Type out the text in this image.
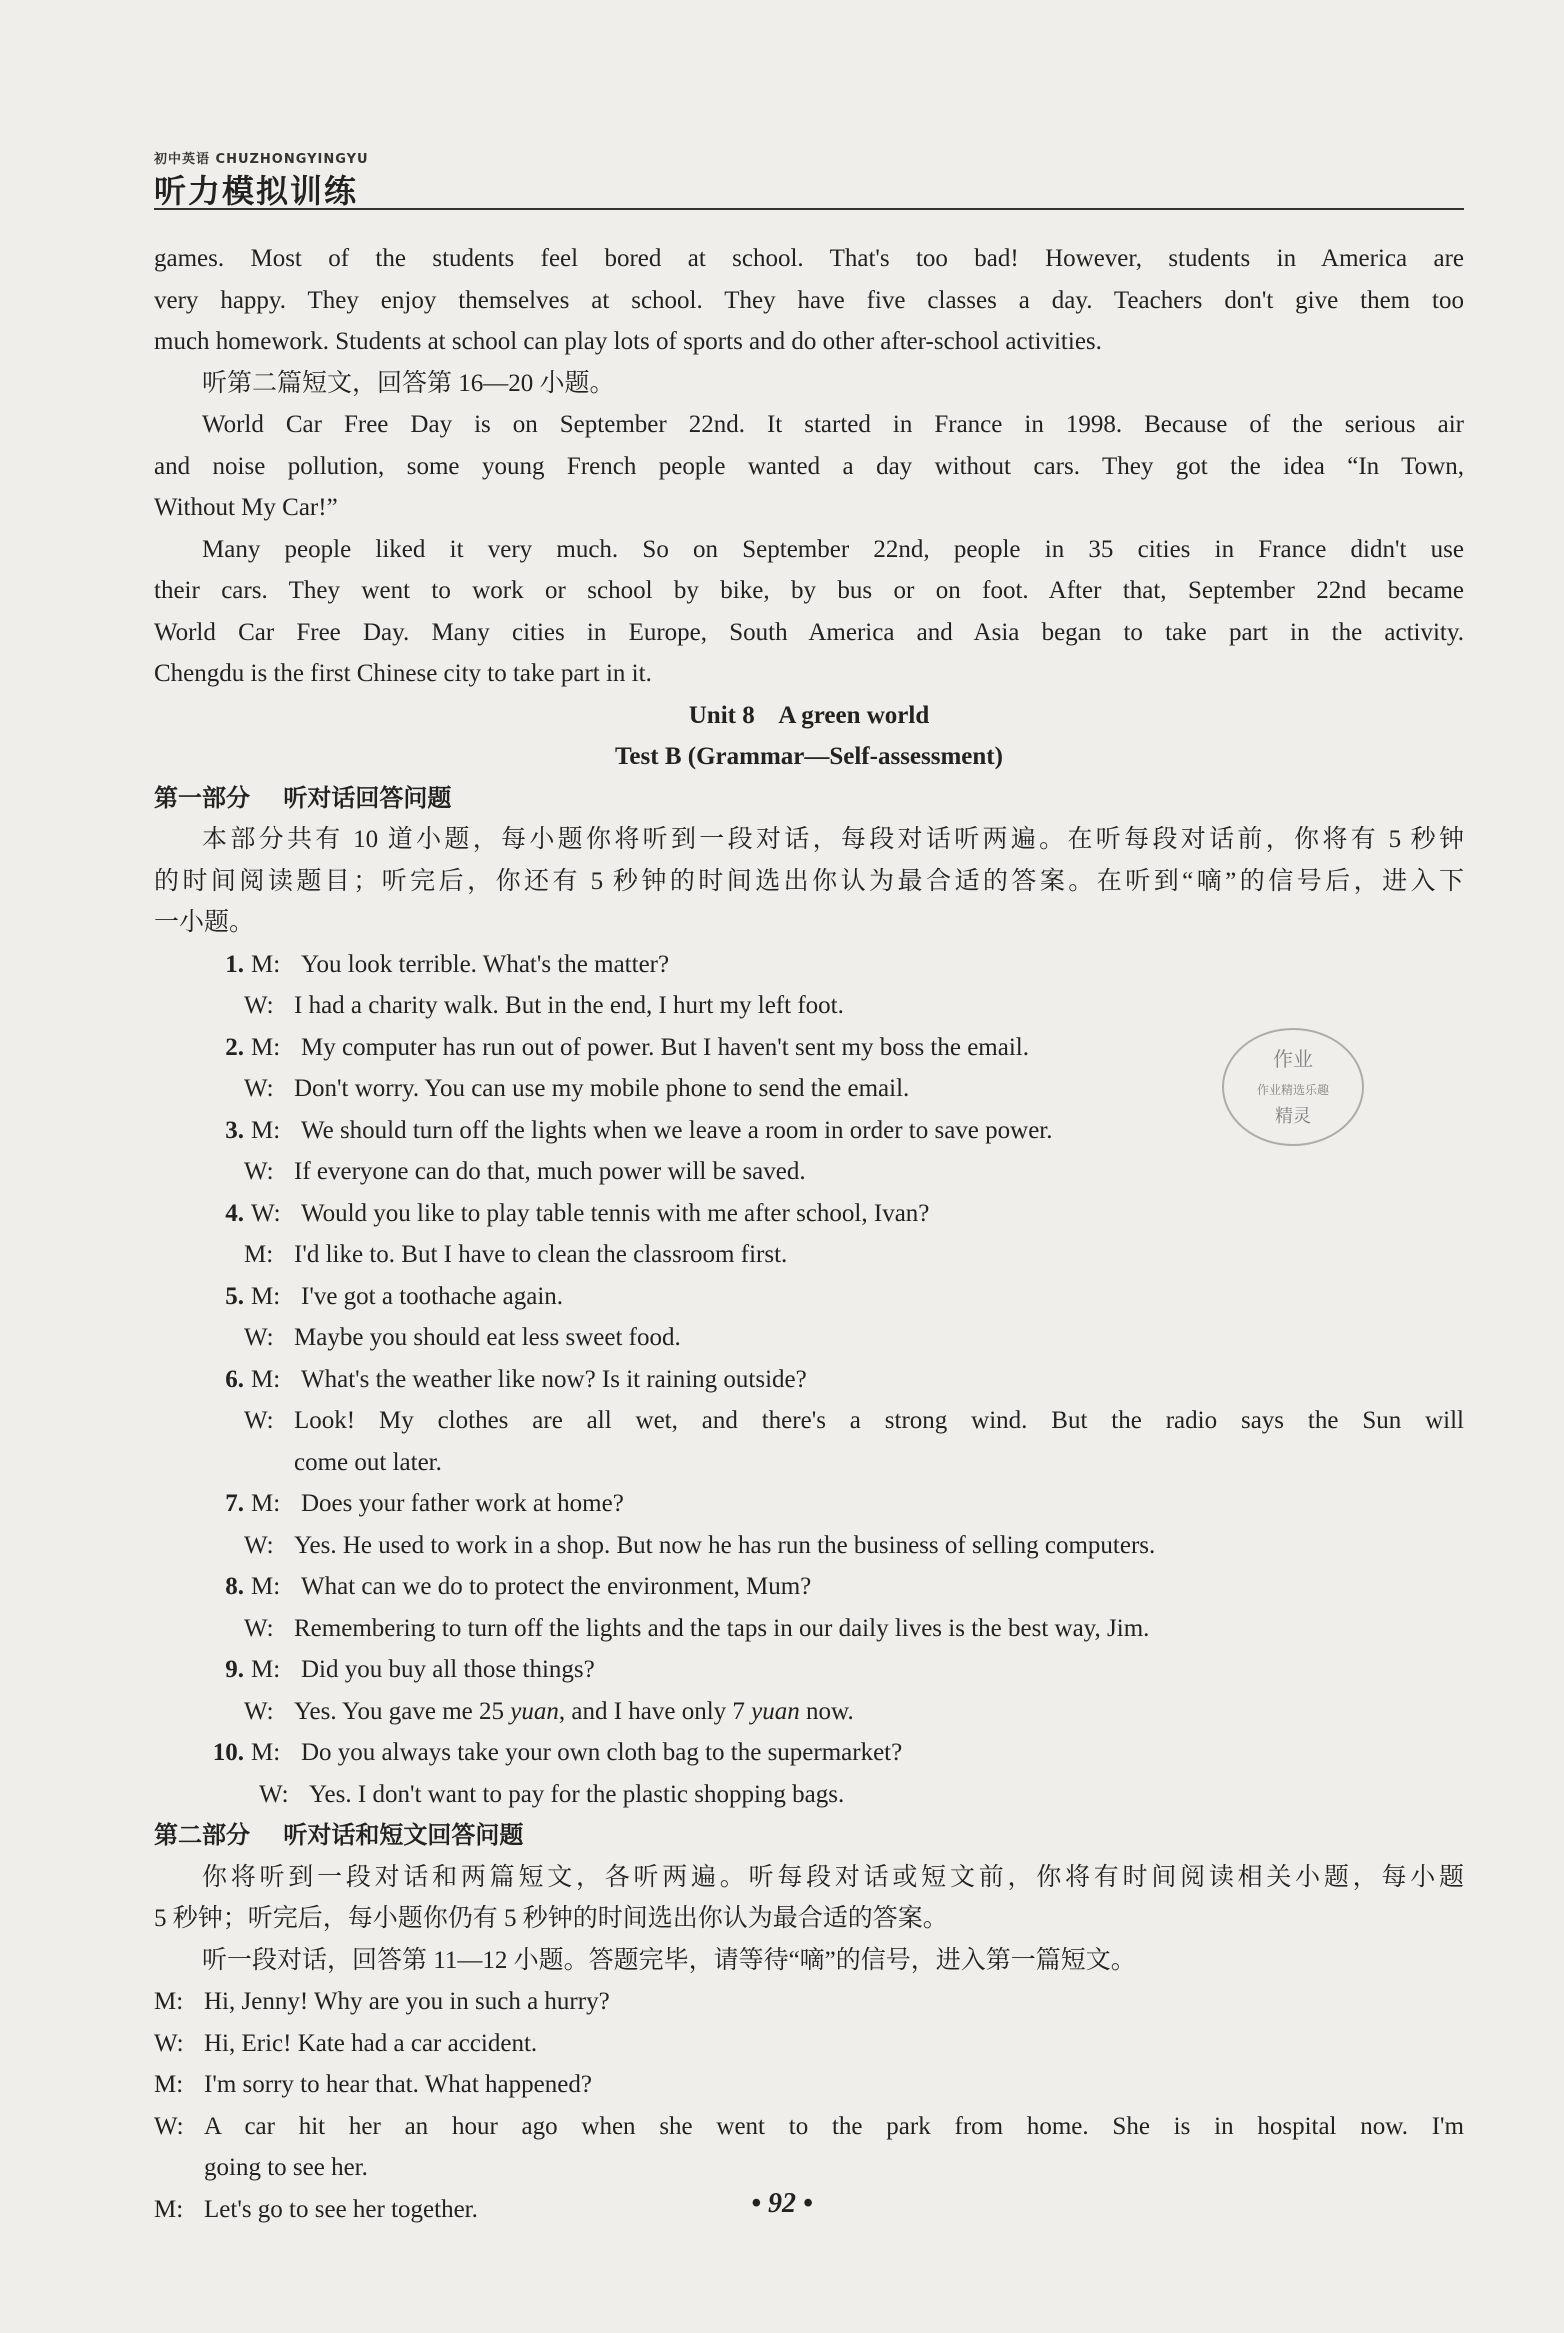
初中英语 CHUZHONGYINGYU
听力模拟训练
games. Most of the students feel bored at school. That's too bad! However, students in America are
very happy. They enjoy themselves at school. They have five classes a day. Teachers don't give them too
much homework. Students at school can play lots of sports and do other after-school activities.
听第二篇短文，回答第 16—20 小题。
World Car Free Day is on September 22nd. It started in France in 1998. Because of the serious air
and noise pollution, some young French people wanted a day without cars. They got the idea “In Town,
Without My Car!”
Many people liked it very much. So on September 22nd, people in 35 cities in France didn't use
their cars. They went to work or school by bike, by bus or on foot. After that, September 22nd became
World Car Free Day. Many cities in Europe, South America and Asia began to take part in the activity.
Chengdu is the first Chinese city to take part in it.
Unit 8    A green world
Test B (Grammar—Self-assessment)
第一部分    听对话回答问题
本部分共有 10 道小题，每小题你将听到一段对话，每段对话听两遍。在听每段对话前，你将有 5 秒钟
的时间阅读题目；听完后，你还有 5 秒钟的时间选出你认为最合适的答案。在听到“嘀”的信号后，进入下
一小题。
1. M: You look terrible. What's the matter?
W: I had a charity walk. But in the end, I hurt my left foot.
2. M: My computer has run out of power. But I haven't sent my boss the email.
W: Don't worry. You can use my mobile phone to send the email.
3. M: We should turn off the lights when we leave a room in order to save power.
W: If everyone can do that, much power will be saved.
4. W: Would you like to play table tennis with me after school, Ivan?
M: I'd like to. But I have to clean the classroom first.
5. M: I've got a toothache again.
W: Maybe you should eat less sweet food.
6. M: What's the weather like now? Is it raining outside?
W: Look! My clothes are all wet, and there's a strong wind. But the radio says the Sun will
come out later.
7. M: Does your father work at home?
W: Yes. He used to work in a shop. But now he has run the business of selling computers.
8. M: What can we do to protect the environment, Mum?
W: Remembering to turn off the lights and the taps in our daily lives is the best way, Jim.
9. M: Did you buy all those things?
W: Yes. You gave me 25 yuan, and I have only 7 yuan now.
10. M: Do you always take your own cloth bag to the supermarket?
W: Yes. I don't want to pay for the plastic shopping bags.
第二部分    听对话和短文回答问题
你将听到一段对话和两篇短文，各听两遍。听每段对话或短文前，你将有时间阅读相关小题，每小题
5 秒钟；听完后，每小题你仍有 5 秒钟的时间选出你认为最合适的答案。
听一段对话，回答第 11—12 小题。答题完毕，请等待“嘀”的信号，进入第一篇短文。
M: Hi, Jenny! Why are you in such a hurry?
W: Hi, Eric! Kate had a car accident.
M: I'm sorry to hear that. What happened?
W: A car hit her an hour ago when she went to the park from home. She is in hospital now. I'm
going to see her.
M: Let's go to see her together.
作业
作业精选乐趣
精灵
• 92 •
